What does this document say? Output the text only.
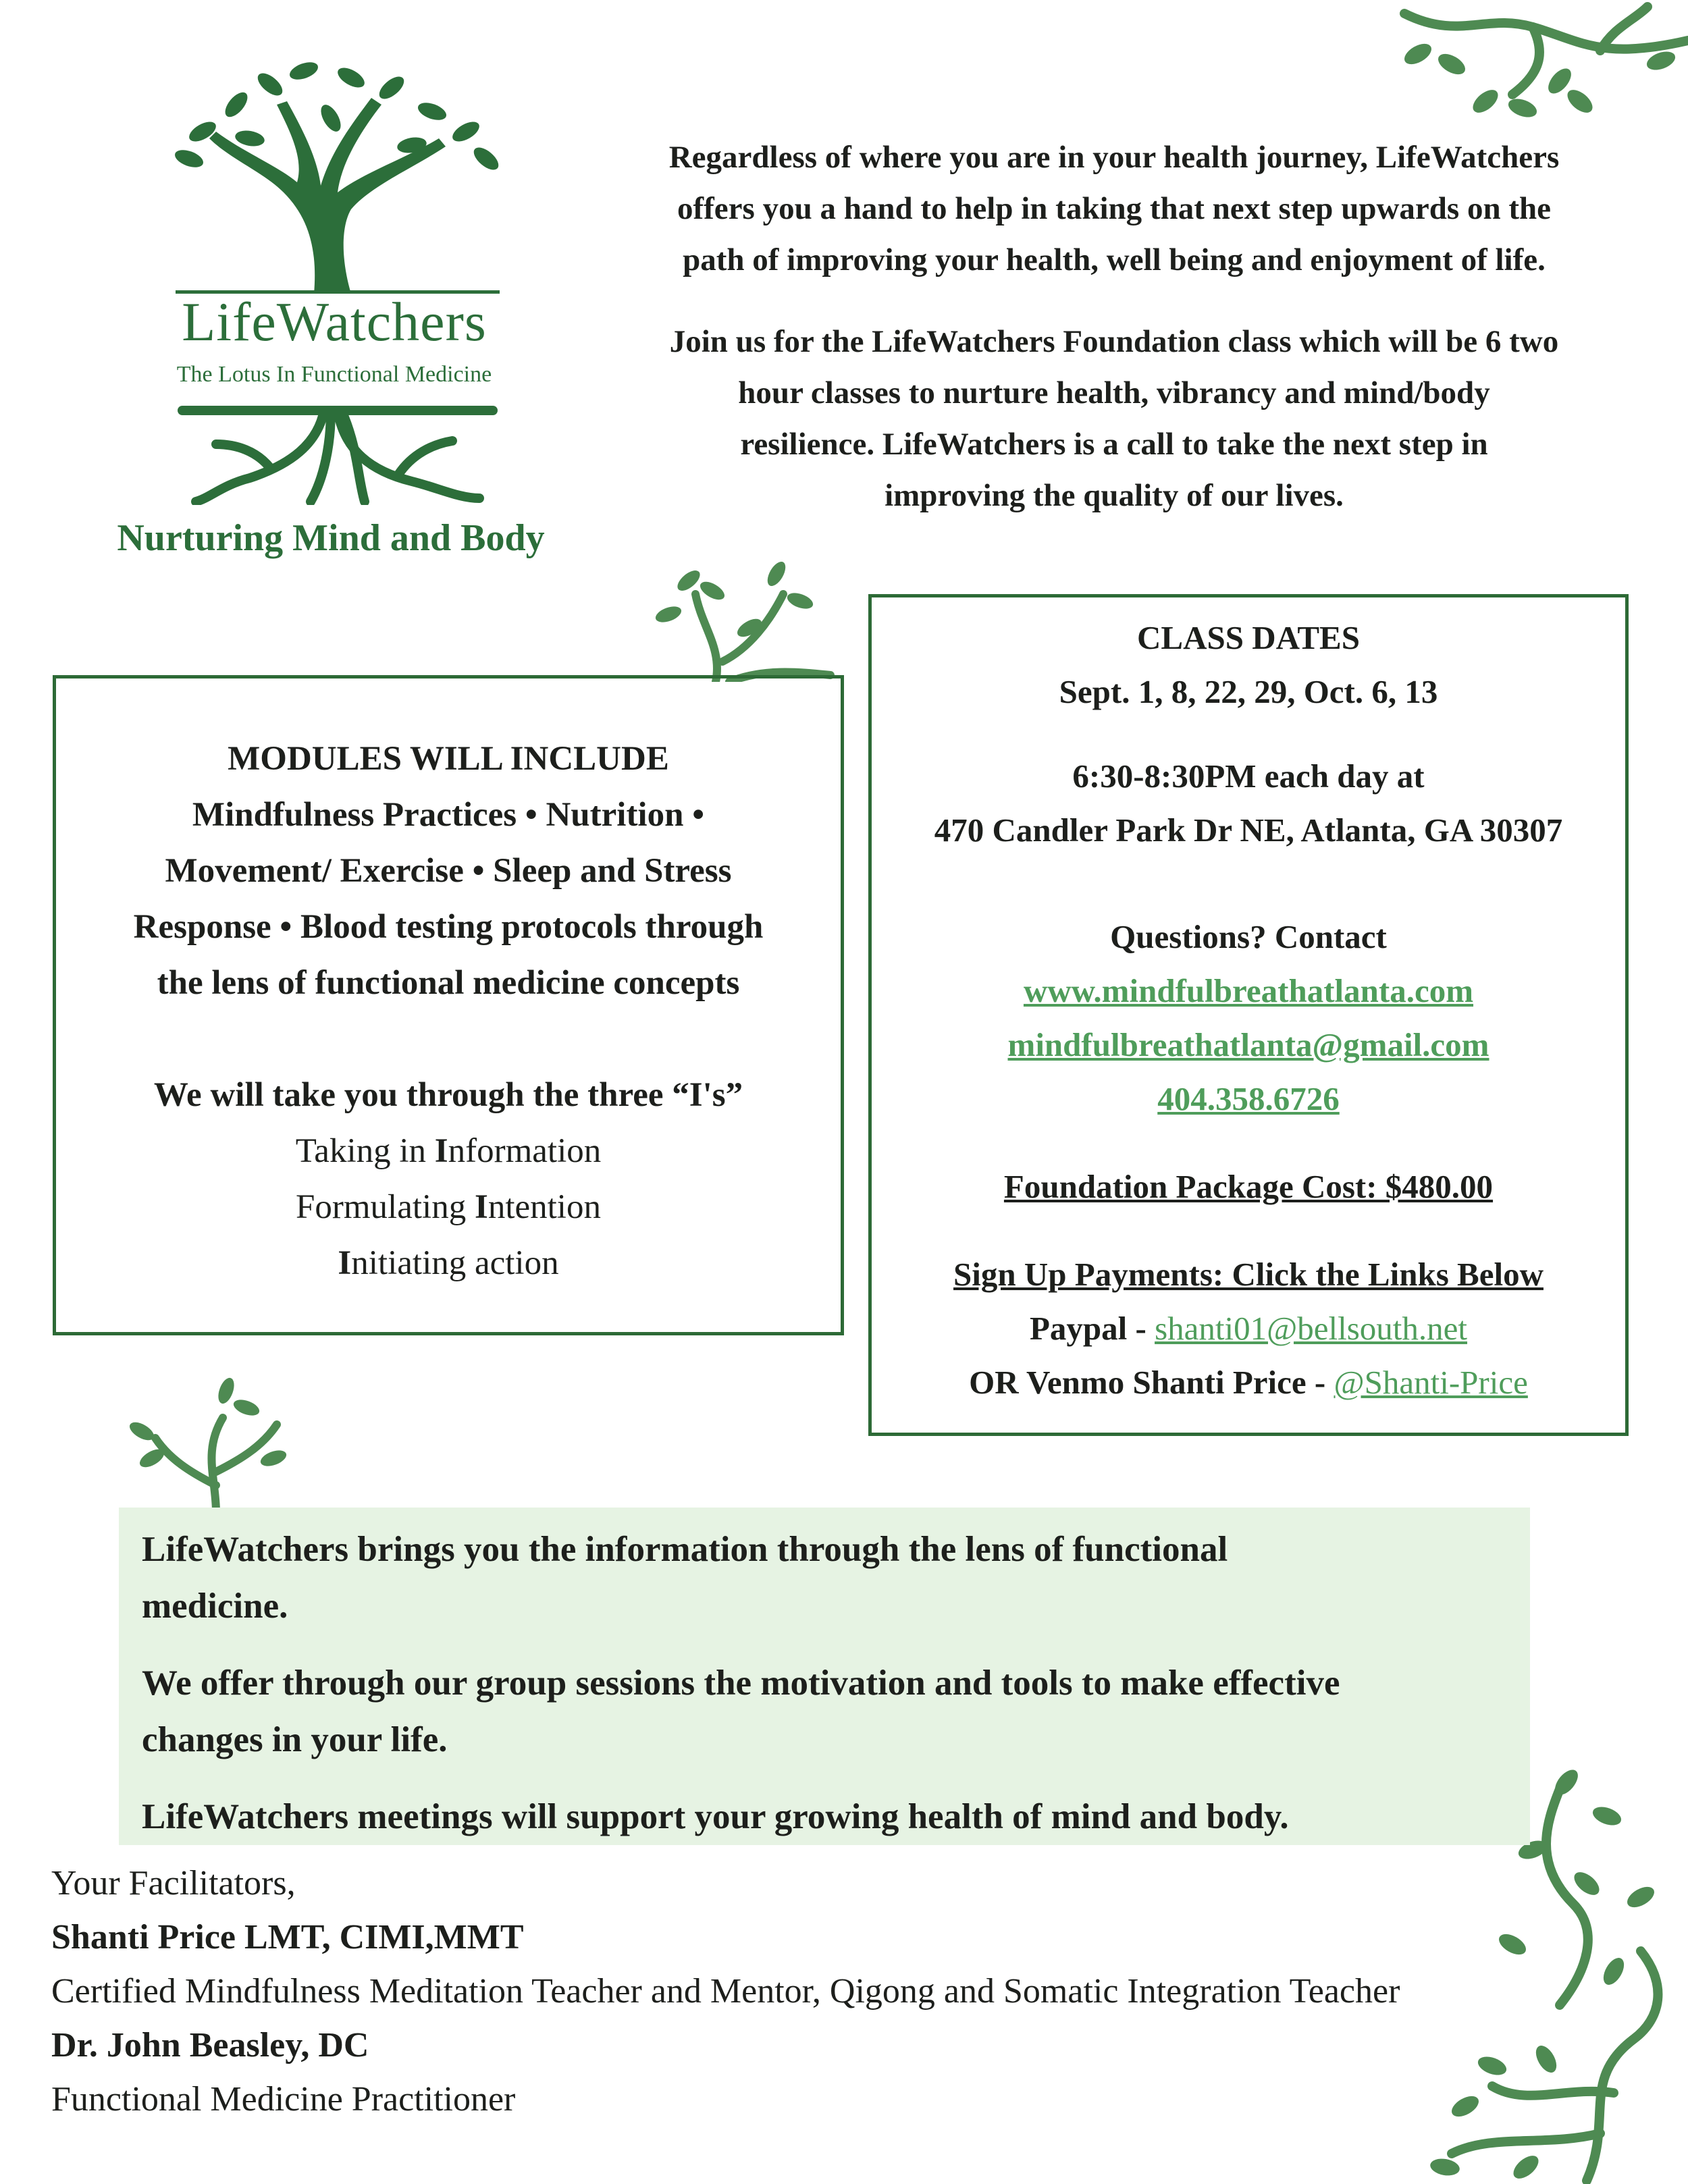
LifeWatchers
The Lotus In Functional Medicine
Nurturing Mind and Body

Regardless of where you are in your health journey, LifeWatchers
offers you a hand to help in taking that next step upwards on the
path of improving your health, well being and enjoyment of life.

Join us for the LifeWatchers Foundation class which will be 6 two
hour classes to nurture health, vibrancy and mind/body
resilience. LifeWatchers is a call to take the next step in
improving the quality of our lives.

MODULES WILL INCLUDE
Mindfulness Practices • Nutrition •
Movement/ Exercise • Sleep and Stress
Response • Blood testing protocols through
the lens of functional medicine concepts
We will take you through the three “I's”
Taking in Information
Formulating Intention
Initiating action
CLASS DATES
Sept. 1, 8, 22, 29, Oct. 6, 13
6:30-8:30PM each day at
470 Candler Park Dr NE, Atlanta, GA 30307
Questions? Contact
www.mindfulbreathatlanta.com
mindfulbreathatlanta@gmail.com
404.358.6726
Foundation Package Cost: $480.00
Sign Up Payments: Click the Links Below
Paypal - shanti01@bellsouth.net
OR Venmo Shanti Price - @Shanti-Price

LifeWatchers brings you the information through the lens of functional
medicine.

We offer through our group sessions the motivation and tools to make effective
changes in your life.

LifeWatchers meetings will support your growing health of mind and body.

Your Facilitators,
Shanti Price LMT, CIMI,MMT
Certified Mindfulness Meditation Teacher and Mentor, Qigong and Somatic Integration Teacher
Dr. John Beasley, DC
Functional Medicine Practitioner
